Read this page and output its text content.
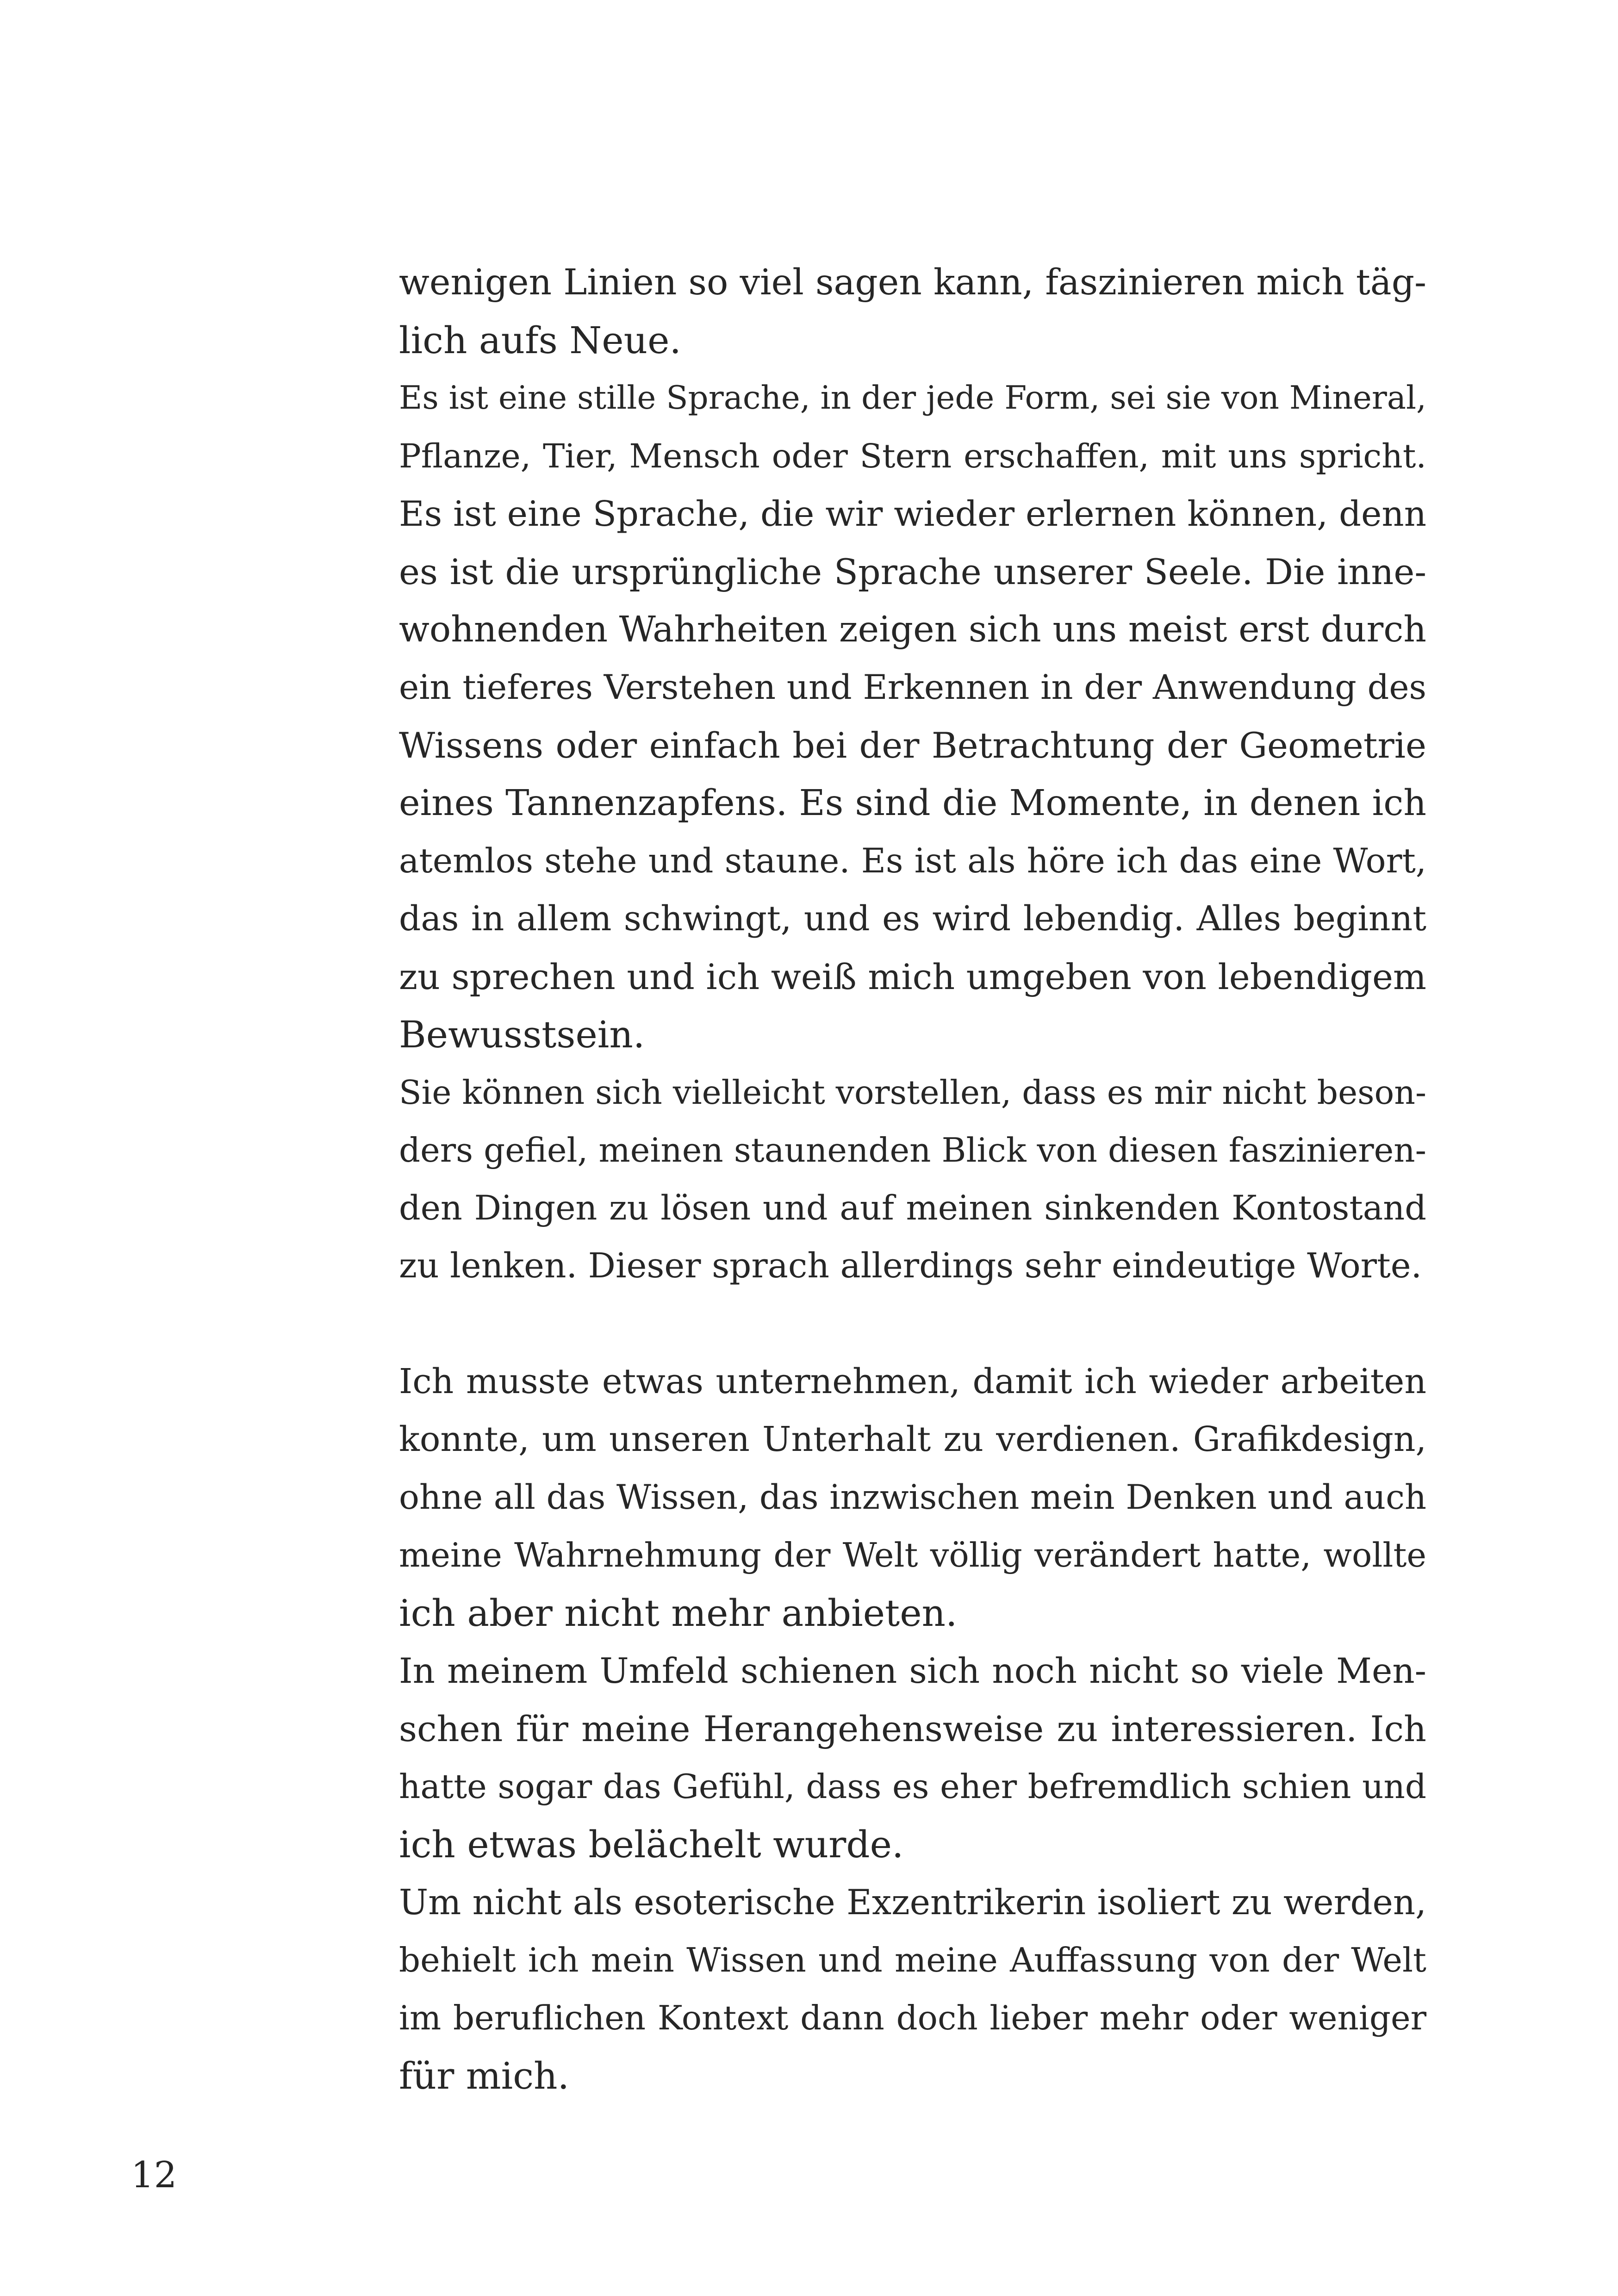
wenigen Linien so viel sagen kann, faszinieren mich täg-
lich aufs Neue.
Es ist eine stille Sprache, in der jede Form, sei sie von Mineral,
Pflanze, Tier, Mensch oder Stern erschaffen, mit uns spricht.
Es ist eine Sprache, die wir wieder erlernen können, denn
es ist die ursprüngliche Sprache unserer Seele. Die inne-
wohnenden Wahrheiten zeigen sich uns meist erst durch
ein tieferes Verstehen und Erkennen in der Anwendung des
Wissens oder einfach bei der Betrachtung der Geometrie
eines Tannenzapfens. Es sind die Momente, in denen ich
atemlos stehe und staune. Es ist als höre ich das eine Wort,
das in allem schwingt, und es wird lebendig. Alles beginnt
zu sprechen und ich weiß mich umgeben von lebendigem
Bewusstsein.
Sie können sich vielleicht vorstellen, dass es mir nicht beson-
ders gefiel, meinen staunenden Blick von diesen faszinieren-
den Dingen zu lösen und auf meinen sinkenden Kontostand
zu lenken. Dieser sprach allerdings sehr eindeutige Worte.
Ich musste etwas unternehmen, damit ich wieder arbeiten
konnte, um unseren Unterhalt zu verdienen. Grafikdesign,
ohne all das Wissen, das inzwischen mein Denken und auch
meine Wahrnehmung der Welt völlig verändert hatte, wollte
ich aber nicht mehr anbieten.
In meinem Umfeld schienen sich noch nicht so viele Men-
schen für meine Herangehensweise zu interessieren. Ich
hatte sogar das Gefühl, dass es eher befremdlich schien und
ich etwas belächelt wurde.
Um nicht als esoterische Exzentrikerin isoliert zu werden,
behielt ich mein Wissen und meine Auffassung von der Welt
im beruflichen Kontext dann doch lieber mehr oder weniger
für mich.
12
